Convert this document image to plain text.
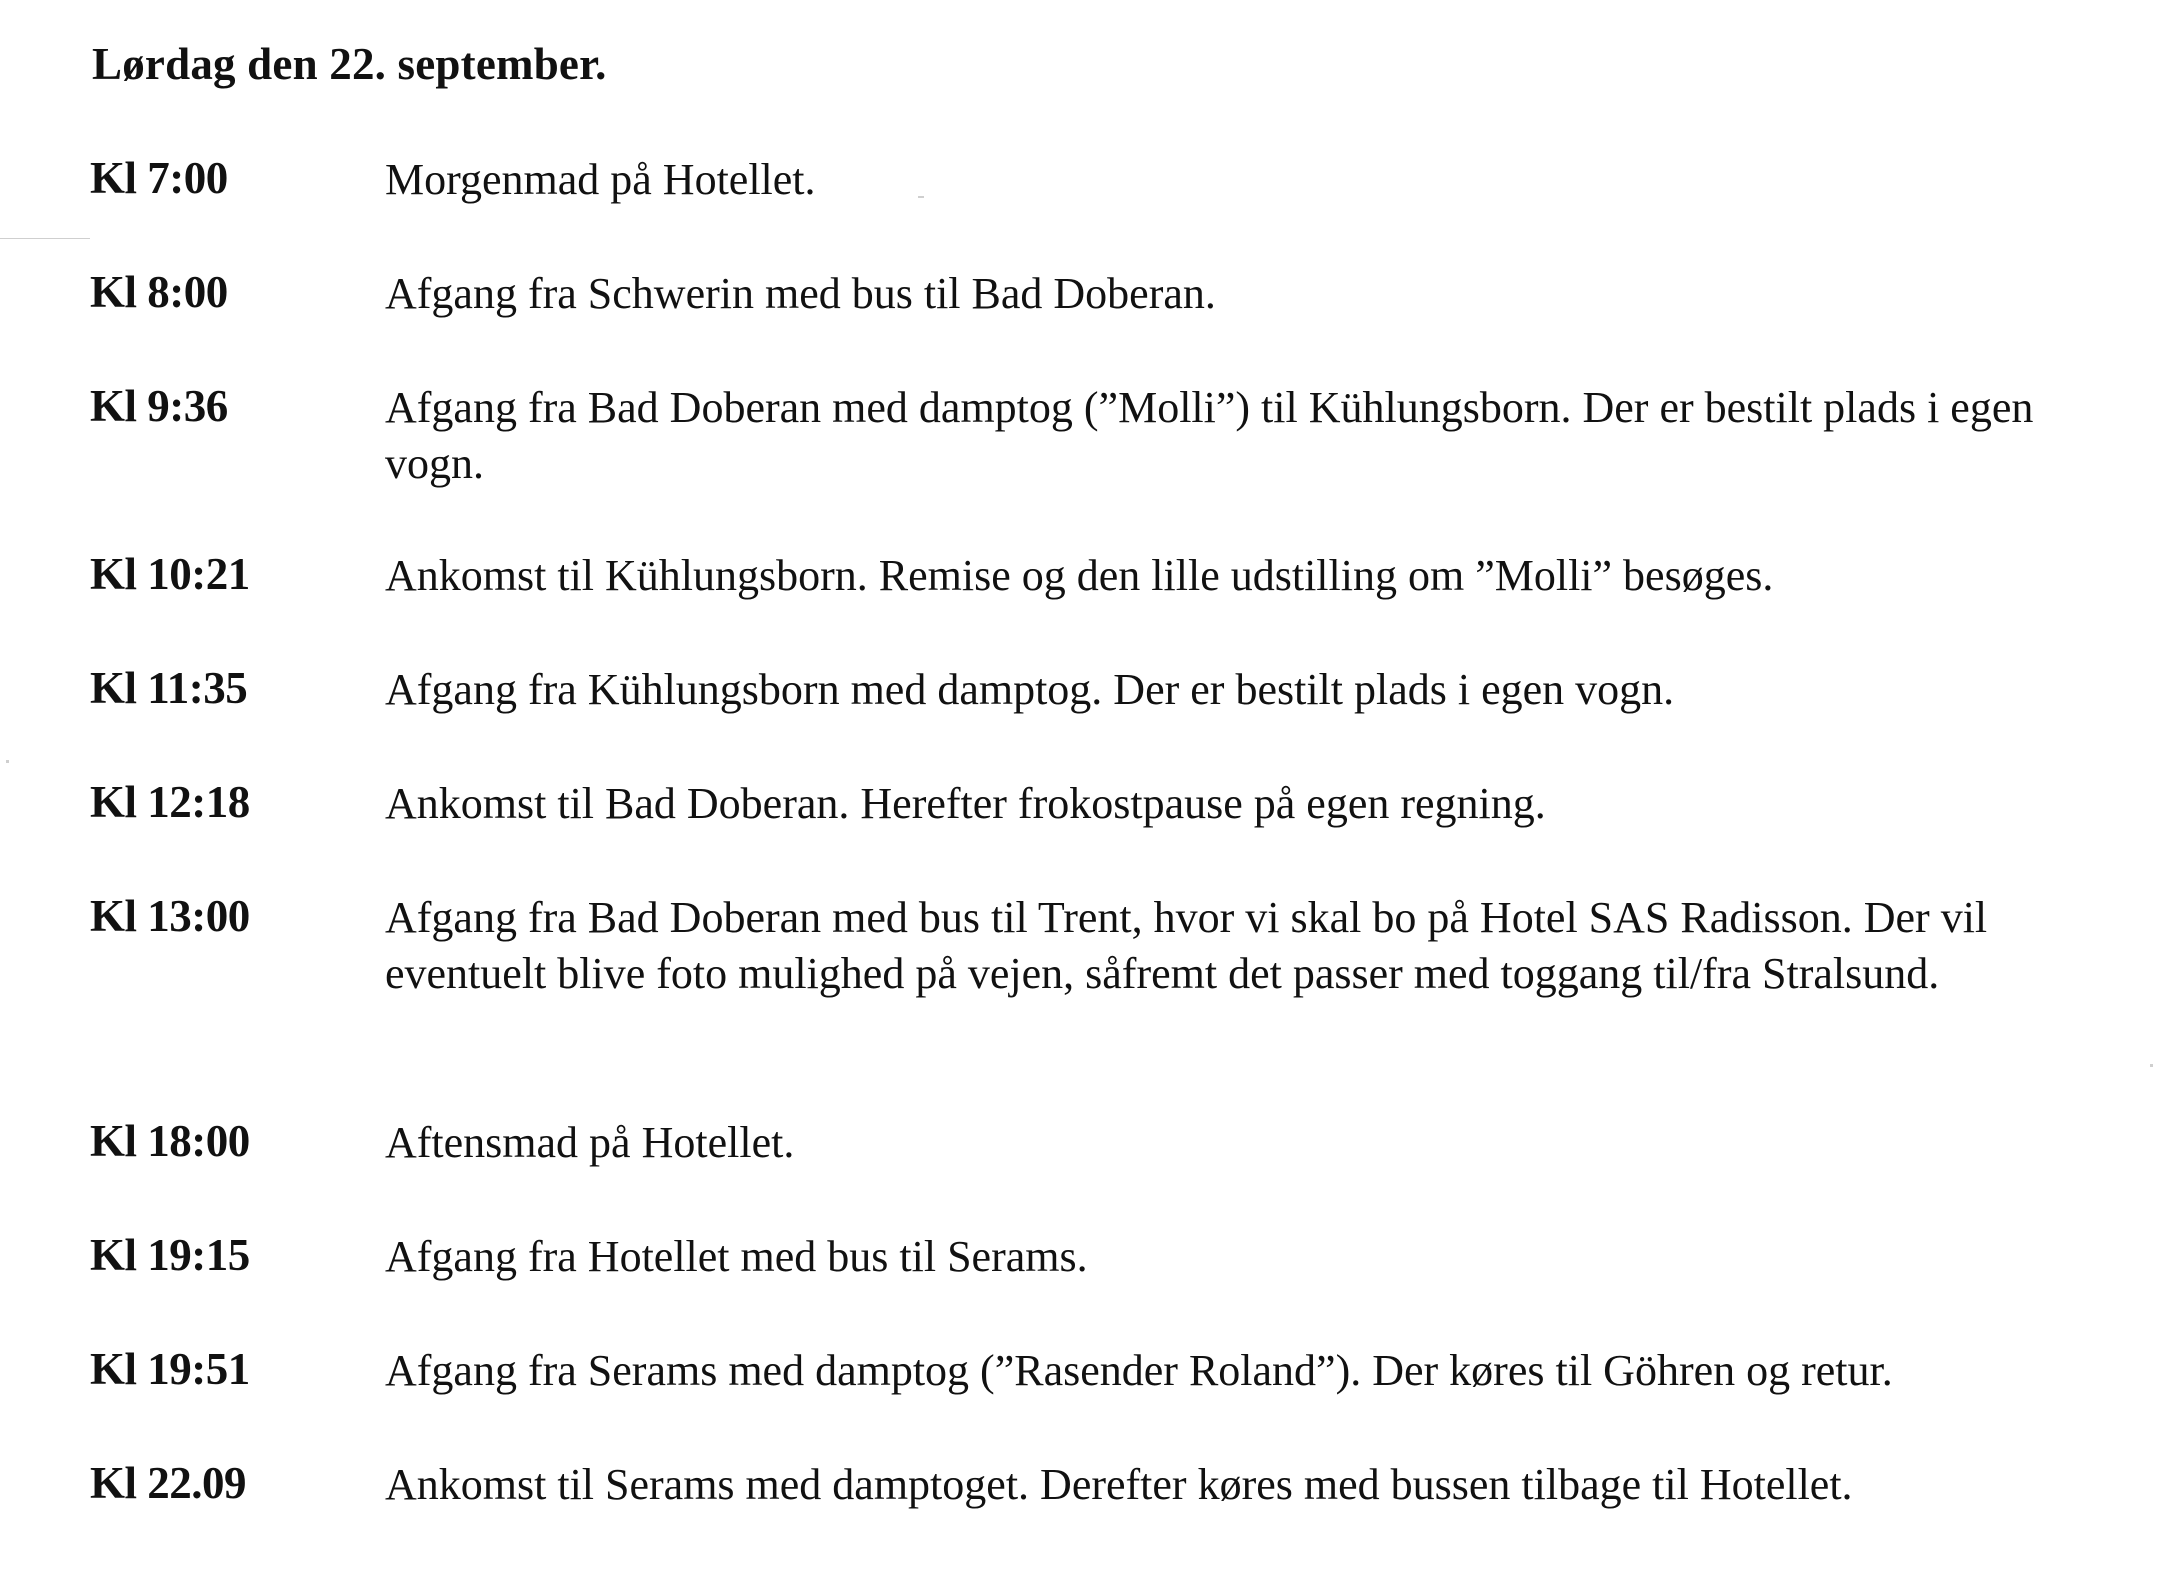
Lørdag den 22. september.
Kl 7:00	Morgenmad på Hotellet.
Kl 8:00	Afgang fra Schwerin med bus til Bad Doberan.
Kl 9:36	Afgang fra Bad Doberan med damptog (”Molli”) til Kühlungsborn. Der er bestilt plads i egen vogn.
Kl 10:21	Ankomst til Kühlungsborn. Remise og den lille udstilling om ”Molli” besøges.
Kl 11:35	Afgang fra Kühlungsborn med damptog. Der er bestilt plads i egen vogn.
Kl 12:18	Ankomst til Bad Doberan. Herefter frokostpause på egen regning.
Kl 13:00	Afgang fra Bad Doberan med bus til Trent, hvor vi skal bo på Hotel SAS Radisson. Der vil eventuelt blive foto mulighed på vejen, såfremt det passer med toggang til/fra Stralsund.
Kl 18:00	Aftensmad på Hotellet.
Kl 19:15	Afgang fra Hotellet med bus til Serams.
Kl 19:51	Afgang fra Serams med damptog (”Rasender Roland”). Der køres til Göhren og retur.
Kl 22.09	Ankomst til Serams med damptoget. Derefter køres med bussen tilbage til Hotellet.
